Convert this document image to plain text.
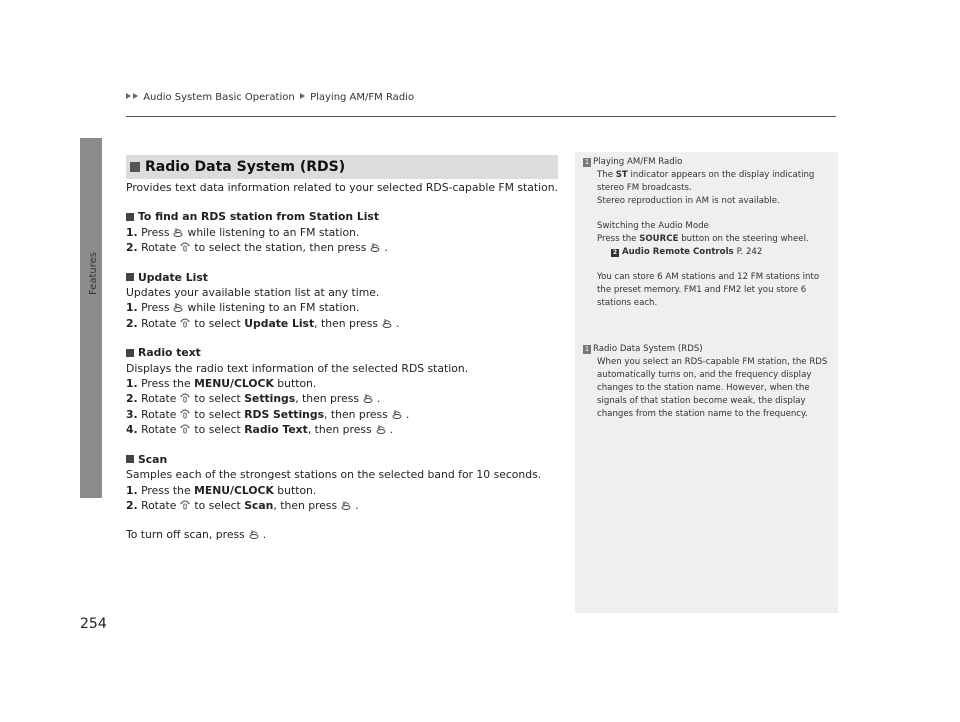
Audio System Basic Operation Playing AM/FM Radio
Features
254
Radio Data System (RDS)

Provides text data information related to your selected RDS-capable FM station.

To find an RDS station from Station List

1. Press while listening to an FM station.

2. Rotate to select the station, then press .

Update List

Updates your available station list at any time.

1. Press while listening to an FM station.

2. Rotate to select Update List, then press .

Radio text

Displays the radio text information of the selected RDS station.

1. Press the MENU/CLOCK button.

2. Rotate to select Settings, then press .

3. Rotate to select RDS Settings, then press .

4. Rotate to select Radio Text, then press .

Scan

Samples each of the strongest stations on the selected band for 10 seconds.

1. Press the MENU/CLOCK button.

2. Rotate to select Scan, then press .

To turn off scan, press .

1 Playing AM/FM Radio

The ST indicator appears on the display indicating

stereo FM broadcasts.

Stereo reproduction in AM is not available.

Switching the Audio Mode

Press the SOURCE button on the steering wheel.

2 Audio Remote Controls
P. 242

You can store 6 AM stations and 12 FM stations into

the preset memory. FM1 and FM2 let you store 6

stations each.

1 Radio Data System (RDS)

When you select an RDS-capable FM station, the RDS

automatically turns on, and the frequency display

changes to the station name. However, when the

signals of that station become weak, the display

changes from the station name to the frequency.
